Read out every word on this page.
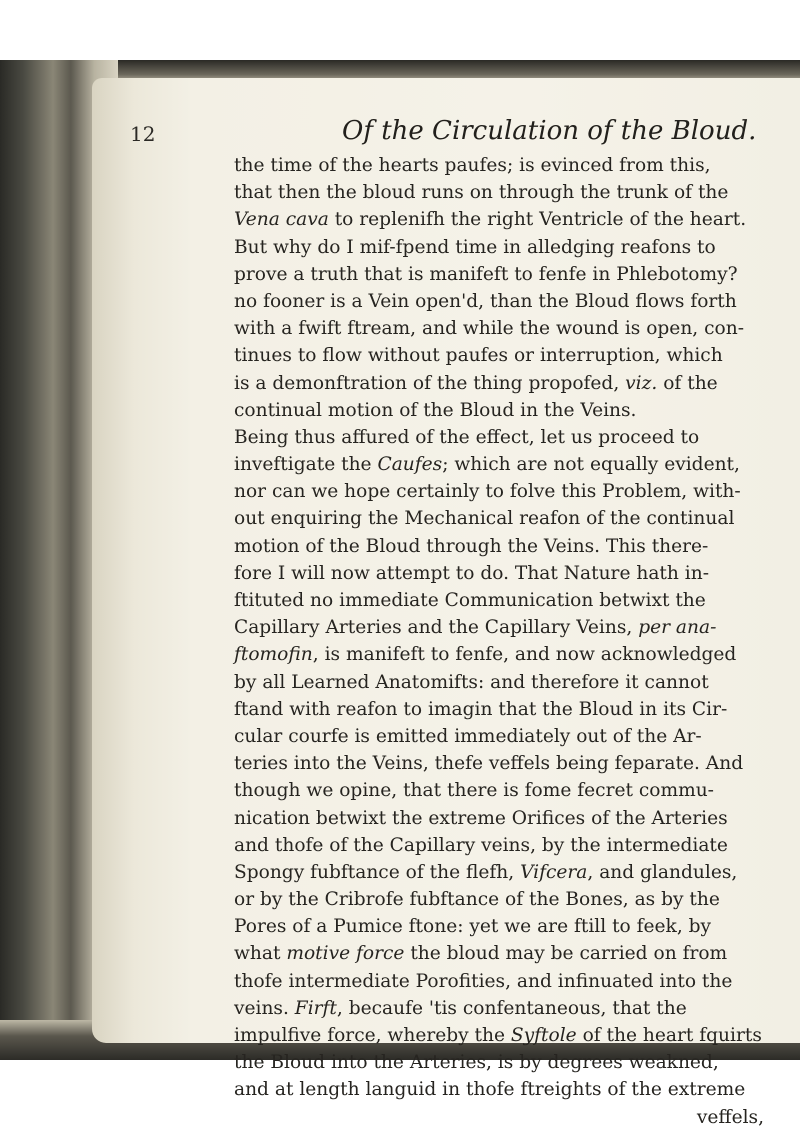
12	Of the Circulation of the Bloud.
the time of the hearts paufes; is evinced from this,
that then the bloud runs on through the trunk of the
Vena cava to replenifh the right Ventricle of the heart.
But why do I mif-fpend time in alledging reafons to
prove a truth that is manifeft to fenfe in Phlebotomy?
no fooner is a Vein open'd, than the Bloud flows forth
with a fwift ftream, and while the wound is open, con-
tinues to flow without paufes or interruption, which
is a demonftration of the thing propofed, viz. of the
continual motion of the Bloud in the Veins.
Being thus affured of the effect, let us proceed to
inveftigate the Caufes; which are not equally evident,
nor can we hope certainly to folve this Problem, with-
out enquiring the Mechanical reafon of the continual
motion of the Bloud through the Veins. This there-
fore I will now attempt to do. That Nature hath in-
ftituted no immediate Communication betwixt the
Capillary Arteries and the Capillary Veins, per ana-
ftomofin, is manifeft to fenfe, and now acknowledged
by all Learned Anatomifts: and therefore it cannot
ftand with reafon to imagin that the Bloud in its Cir-
cular courfe is emitted immediately out of the Ar-
teries into the Veins, thefe veffels being feparate. And
though we opine, that there is fome fecret commu-
nication betwixt the extreme Orifices of the Arteries
and thofe of the Capillary veins, by the intermediate
Spongy fubftance of the flefh, Vifcera, and glandules,
or by the Cribrofe fubftance of the Bones, as by the
Pores of a Pumice ftone: yet we are ftill to feek, by
what motive force the bloud may be carried on from
thofe intermediate Porofities, and infinuated into the
veins. Firft, becaufe 'tis confentaneous, that the
impulfive force, whereby the Syftole of the heart fquirts
the Bloud into the Arteries, is by degrees weakned,
and at length languid in thofe ftreights of the extreme
veffels,
